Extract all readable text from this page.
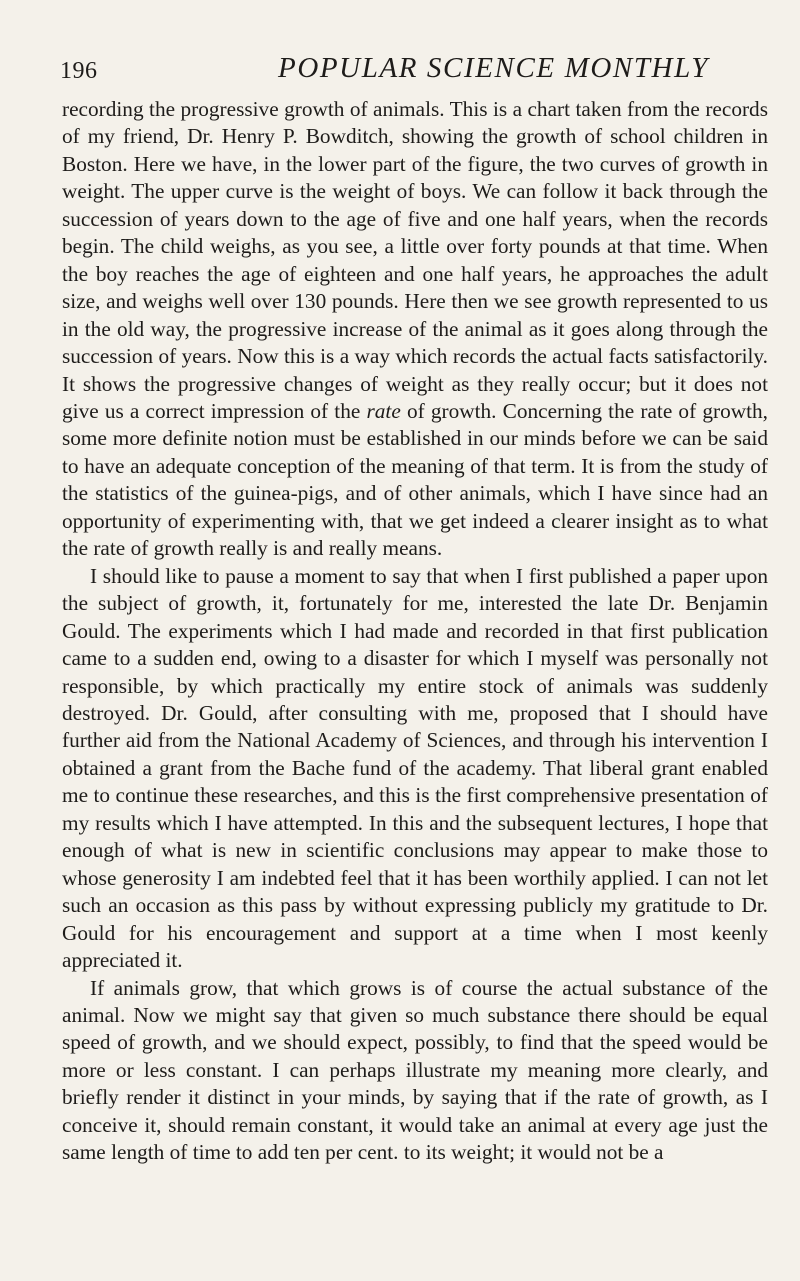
196	POPULAR SCIENCE MONTHLY

recording the progressive growth of animals. This is a chart taken from the records of my friend, Dr. Henry P. Bowditch, showing the growth of school children in Boston. Here we have, in the lower part of the figure, the two curves of growth in weight. The upper curve is the weight of boys. We can follow it back through the succession of years down to the age of five and one half years, when the records begin. The child weighs, as you see, a little over forty pounds at that time. When the boy reaches the age of eighteen and one half years, he approaches the adult size, and weighs well over 130 pounds. Here then we see growth represented to us in the old way, the progressive increase of the animal as it goes along through the succession of years. Now this is a way which records the actual facts satisfactorily. It shows the progressive changes of weight as they really occur; but it does not give us a correct impression of the rate of growth. Concerning the rate of growth, some more definite notion must be established in our minds before we can be said to have an adequate conception of the meaning of that term. It is from the study of the statistics of the guinea-pigs, and of other animals, which I have since had an opportunity of experimenting with, that we get indeed a clearer insight as to what the rate of growth really is and really means.

I should like to pause a moment to say that when I first published a paper upon the subject of growth, it, fortunately for me, interested the late Dr. Benjamin Gould. The experiments which I had made and recorded in that first publication came to a sudden end, owing to a disaster for which I myself was personally not responsible, by which practically my entire stock of animals was suddenly destroyed. Dr. Gould, after consulting with me, proposed that I should have further aid from the National Academy of Sciences, and through his intervention I obtained a grant from the Bache fund of the academy. That liberal grant enabled me to continue these researches, and this is the first comprehensive presentation of my results which I have attempted. In this and the subsequent lectures, I hope that enough of what is new in scientific conclusions may appear to make those to whose generosity I am indebted feel that it has been worthily applied. I can not let such an occasion as this pass by without expressing publicly my gratitude to Dr. Gould for his encouragement and support at a time when I most keenly appreciated it.

If animals grow, that which grows is of course the actual substance of the animal. Now we might say that given so much substance there should be equal speed of growth, and we should expect, possibly, to find that the speed would be more or less constant. I can perhaps illustrate my meaning more clearly, and briefly render it distinct in your minds, by saying that if the rate of growth, as I conceive it, should remain constant, it would take an animal at every age just the same length of time to add ten per cent. to its weight; it would not be a
